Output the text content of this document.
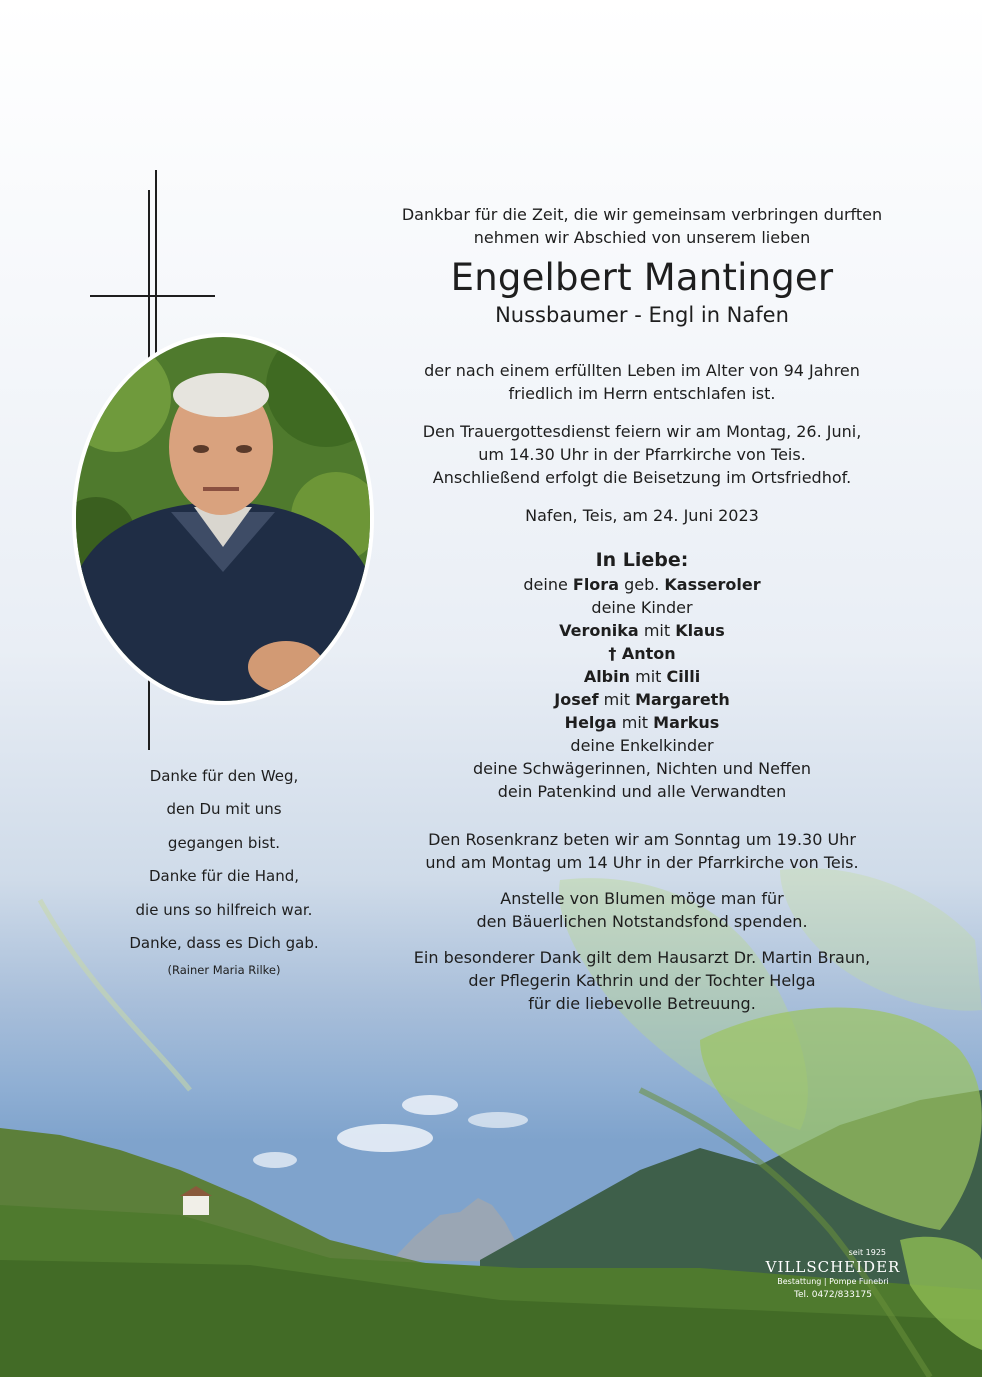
Dankbar für die Zeit, die wir gemeinsam verbringen durften
nehmen wir Abschied von unserem lieben
Engelbert Mantinger
Nussbaumer - Engl in Nafen
der nach einem erfüllten Leben im Alter von 94 Jahren
friedlich im Herrn entschlafen ist.
Den Trauergottesdienst feiern wir am Montag, 26. Juni,
um 14.30 Uhr in der Pfarrkirche von Teis.
Anschließend erfolgt die Beisetzung im Ortsfriedhof.
Nafen, Teis, am 24. Juni 2023
In Liebe:
deine Flora geb. Kasseroler
deine Kinder
Veronika mit Klaus
† Anton
Albin mit Cilli
Josef mit Margareth
Helga mit Markus
deine Enkelkinder
deine Schwägerinnen, Nichten und Neffen
dein Patenkind und alle Verwandten
Den Rosenkranz beten wir am Sonntag um 19.30 Uhr
und am Montag um 14 Uhr in der Pfarrkirche von Teis.
Anstelle von Blumen möge man für
den Bäuerlichen Notstandsfond spenden.
Ein besonderer Dank gilt dem Hausarzt Dr. Martin Braun,
der Pflegerin Kathrin und der Tochter Helga
für die liebevolle Betreuung.
Danke für den Weg,
den Du mit uns
gegangen bist.
Danke für die Hand,
die uns so hilfreich war.
Danke, dass es Dich gab.
(Rainer Maria Rilke)
seit 1925
VILLSCHEIDER
Bestattung | Pompe Funebri
Tel. 0472/833175
